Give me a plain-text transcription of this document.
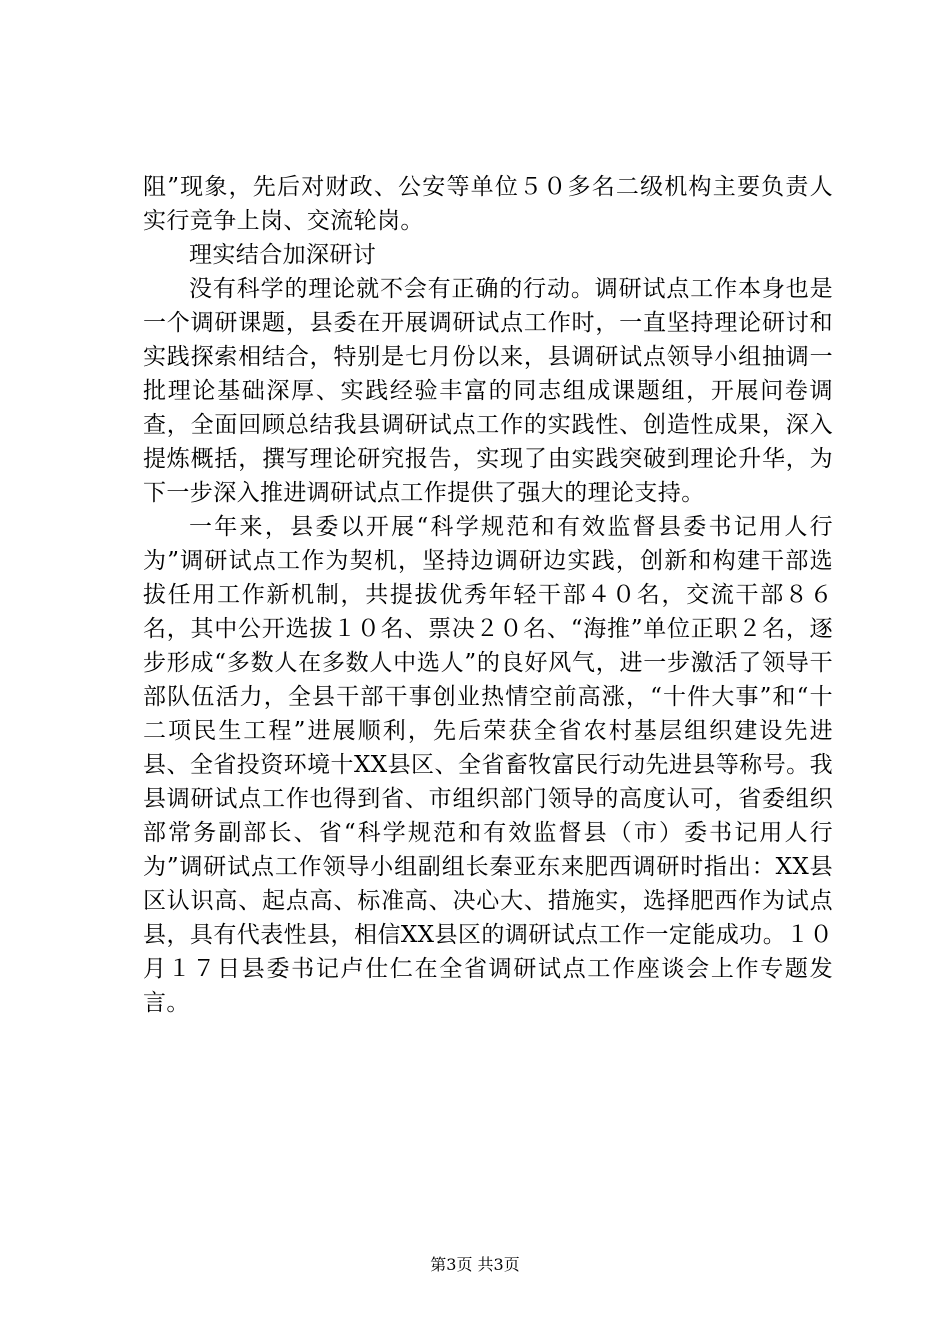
阻”现象，先后对财政、公安等单位５０多名二级机构主要负责人实行竞争上岗、交流轮岗。

理实结合加深研讨

没有科学的理论就不会有正确的行动。调研试点工作本身也是一个调研课题，县委在开展调研试点工作时，一直坚持理论研讨和实践探索相结合，特别是七月份以来，县调研试点领导小组抽调一批理论基础深厚、实践经验丰富的同志组成课题组，开展问卷调查，全面回顾总结我县调研试点工作的实践性、创造性成果，深入提炼概括，撰写理论研究报告，实现了由实践突破到理论升华，为下一步深入推进调研试点工作提供了强大的理论支持。

一年来，县委以开展“科学规范和有效监督县委书记用人行为”调研试点工作为契机，坚持边调研边实践，创新和构建干部选拔任用工作新机制，共提拔优秀年轻干部４０名，交流干部８６名，其中公开选拔１０名、票决２０名、“海推”单位正职２名，逐步形成“多数人在多数人中选人”的良好风气，进一步激活了领导干部队伍活力，全县干部干事创业热情空前高涨，“十件大事”和“十二项民生工程”进展顺利，先后荣获全省农村基层组织建设先进县、全省投资环境十XX县区、全省畜牧富民行动先进县等称号。我县调研试点工作也得到省、市组织部门领导的高度认可，省委组织部常务副部长、省“科学规范和有效监督县（市）委书记用人行为”调研试点工作领导小组副组长秦亚东来肥西调研时指出：XX县区认识高、起点高、标准高、决心大、措施实，选择肥西作为试点县，具有代表性县，相信XX县区的调研试点工作一定能成功。１０月１７日县委书记卢仕仁在全省调研试点工作座谈会上作专题发言。

第3页 共3页
